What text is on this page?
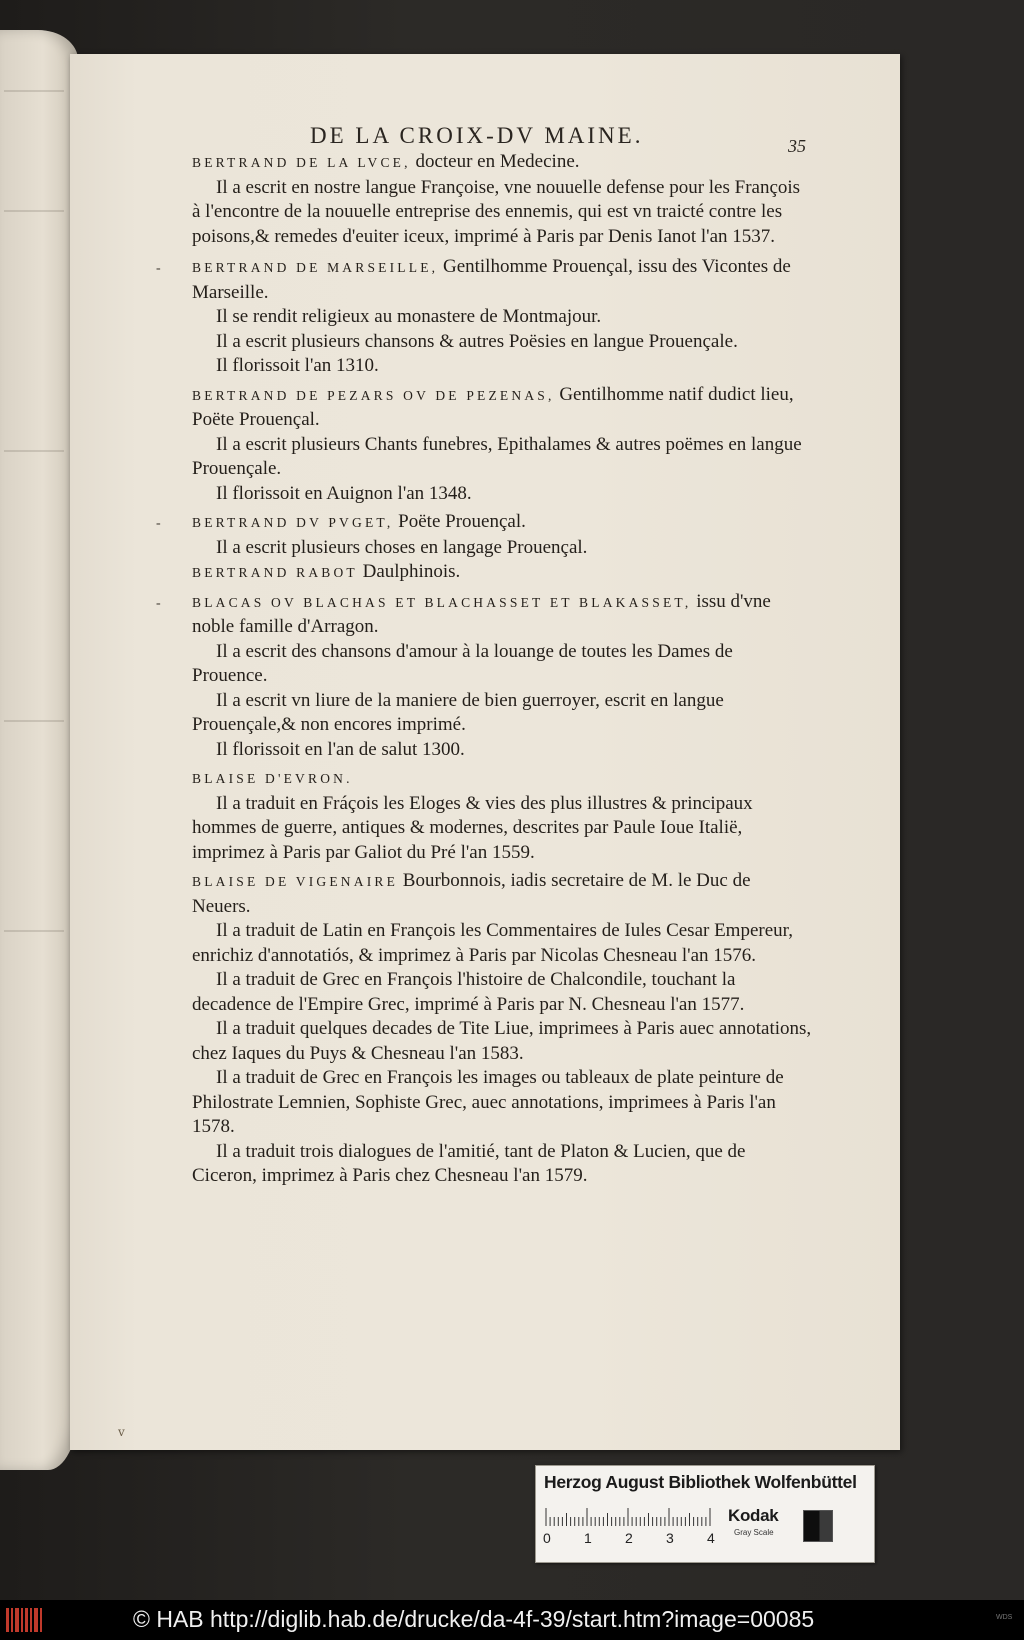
DE LA CROIX-DV MAINE.	35
BERTRAND DE LA LVCE, docteur en Medecine.

Il a escrit en nostre langue Françoise, vne nouuelle defense pour les François à l'encontre de la nouuelle entreprise des ennemis, qui est vn traicté contre les poisons,& remedes d'euiter iceux, imprimé à Paris par Denis Ianot l'an 1537.

-	BERTRAND DE MARSEILLE, Gentilhomme Prouençal, issu des Vicontes de Marseille.

Il se rendit religieux au monastere de Montmajour.

Il a escrit plusieurs chansons & autres Poësies en langue Prouençale.

Il florissoit l'an 1310.

BERTRAND DE PEZARS OV DE PEZENAS, Gentilhomme natif dudict lieu, Poëte Prouençal.

Il a escrit plusieurs Chants funebres, Epithalames & autres poëmes en langue Prouençale.

Il florissoit en Auignon l'an 1348.

-	BERTRAND DV PVGET, Poëte Prouençal.

Il a escrit plusieurs choses en langage Prouençal.

BERTRAND RABOT Daulphinois.
-	BLACAS OV BLACHAS ET BLACHASSET ET BLAKASSET, issu d'vne noble famille d'Arragon.

Il a escrit des chansons d'amour à la louange de toutes les Dames de Prouence.

Il a escrit vn liure de la maniere de bien guerroyer, escrit en langue Prouençale,& non encores imprimé.

Il florissoit en l'an de salut 1300.

BLAISE D'EVRON.

Il a traduit en Fráçois les Eloges & vies des plus illustres & principaux hommes de guerre, antiques & modernes, descrites par Paule Ioue Italië, imprimez à Paris par Galiot du Pré l'an 1559.

BLAISE DE VIGENAIRE Bourbonnois, iadis secretaire de M. le Duc de Neuers.

Il a traduit de Latin en François les Commentaires de Iules Cesar Empereur, enrichiz d'annotatiós, & imprimez à Paris par Nicolas Chesneau l'an 1576.

Il a traduit de Grec en François l'histoire de Chalcondile, touchant la decadence de l'Empire Grec, imprimé à Paris par N. Chesneau l'an 1577.

Il a traduit quelques decades de Tite Liue, imprimees à Paris auec annotations, chez Iaques du Puys & Chesneau l'an 1583.

Il a traduit de Grec en François les images ou tableaux de plate peinture de Philostrate Lemnien, Sophiste Grec, auec annotations, imprimees à Paris l'an 1578.

Il a traduit trois dialogues de l'amitié, tant de Platon & Lucien, que de Ciceron, imprimez à Paris chez Chesneau l'an 1579.

v
Herzog August Bibliothek Wolfenbüttel
0 1 2 3 4
Kodak
Gray Scale
© HAB http://diglib.hab.de/drucke/da-4f-39/start.htm?image=00085	WDS
